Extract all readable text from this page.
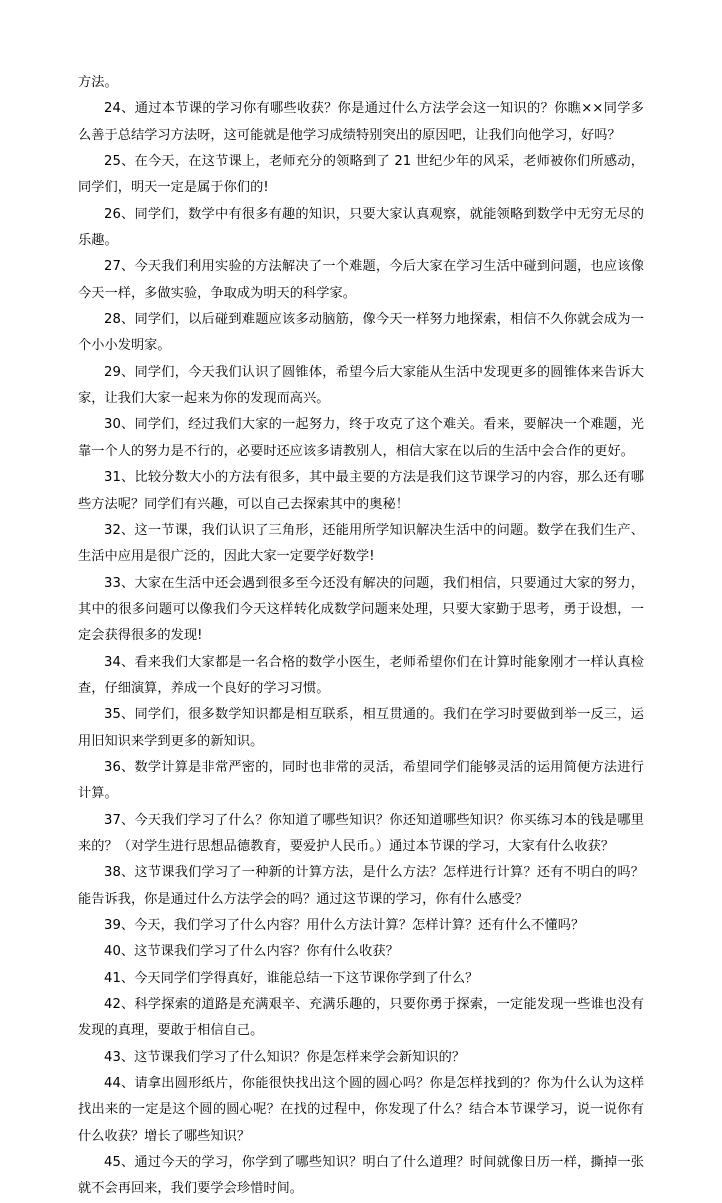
方法。

24、通过本节课的学习你有哪些收获？你是通过什么方法学会这一知识的？你瞧××同学多么善于总结学习方法呀，这可能就是他学习成绩特别突出的原因吧，让我们向他学习，好吗？

25、在今天，在这节课上，老师充分的领略到了 21 世纪少年的风采，老师被你们所感动，同学们，明天一定是属于你们的!

26、同学们，数学中有很多有趣的知识，只要大家认真观察，就能领略到数学中无穷无尽的乐趣。

27、今天我们利用实验的方法解决了一个难题，今后大家在学习生活中碰到问题，也应该像今天一样，多做实验，争取成为明天的科学家。

28、同学们，以后碰到难题应该多动脑筋，像今天一样努力地探索，相信不久你就会成为一个小小发明家。

29、同学们，今天我们认识了圆锥体，希望今后大家能从生活中发现更多的圆锥体来告诉大家，让我们大家一起来为你的发现而高兴。

30、同学们，经过我们大家的一起努力，终于攻克了这个难关。看来，要解决一个难题，光靠一个人的努力是不行的，必要时还应该多请教别人，相信大家在以后的生活中会合作的更好。

31、比较分数大小的方法有很多，其中最主要的方法是我们这节课学习的内容，那么还有哪些方法呢？同学们有兴趣，可以自己去探索其中的奥秘！

32、这一节课，我们认识了三角形，还能用所学知识解决生活中的问题。数学在我们生产、生活中应用是很广泛的，因此大家一定要学好数学!

33、大家在生活中还会遇到很多至今还没有解决的问题，我们相信，只要通过大家的努力，其中的很多问题可以像我们今天这样转化成数学问题来处理，只要大家勤于思考，勇于设想，一定会获得很多的发现!

34、看来我们大家都是一名合格的数学小医生，老师希望你们在计算时能象刚才一样认真检查，仔细演算，养成一个良好的学习习惯。

35、同学们，很多数学知识都是相互联系，相互贯通的。我们在学习时要做到举一反三，运用旧知识来学到更多的新知识。

36、数学计算是非常严密的，同时也非常的灵活，希望同学们能够灵活的运用简便方法进行计算。

37、今天我们学习了什么？你知道了哪些知识？你还知道哪些知识？你买练习本的钱是哪里来的？（对学生进行思想品德教育，要爱护人民币。）通过本节课的学习，大家有什么收获？

38、这节课我们学习了一种新的计算方法，是什么方法？怎样进行计算？还有不明白的吗？能告诉我，你是通过什么方法学会的吗？通过这节课的学习，你有什么感受？

39、今天，我们学习了什么内容？用什么方法计算？怎样计算？还有什么不懂吗？

40、这节课我们学习了什么内容？你有什么收获？

41、今天同学们学得真好，谁能总结一下这节课你学到了什么？

42、科学探索的道路是充满艰辛、充满乐趣的，只要你勇于探索，一定能发现一些谁也没有发现的真理，要敢于相信自己。

43、这节课我们学习了什么知识？你是怎样来学会新知识的？

44、请拿出圆形纸片，你能很快找出这个圆的圆心吗？你是怎样找到的？你为什么认为这样找出来的一定是这个圆的圆心呢？在找的过程中，你发现了什么？结合本节课学习，说一说你有什么收获？增长了哪些知识？

45、通过今天的学习，你学到了哪些知识？明白了什么道理？时间就像日历一样，撕掉一张就不会再回来，我们要学会珍惜时间。
